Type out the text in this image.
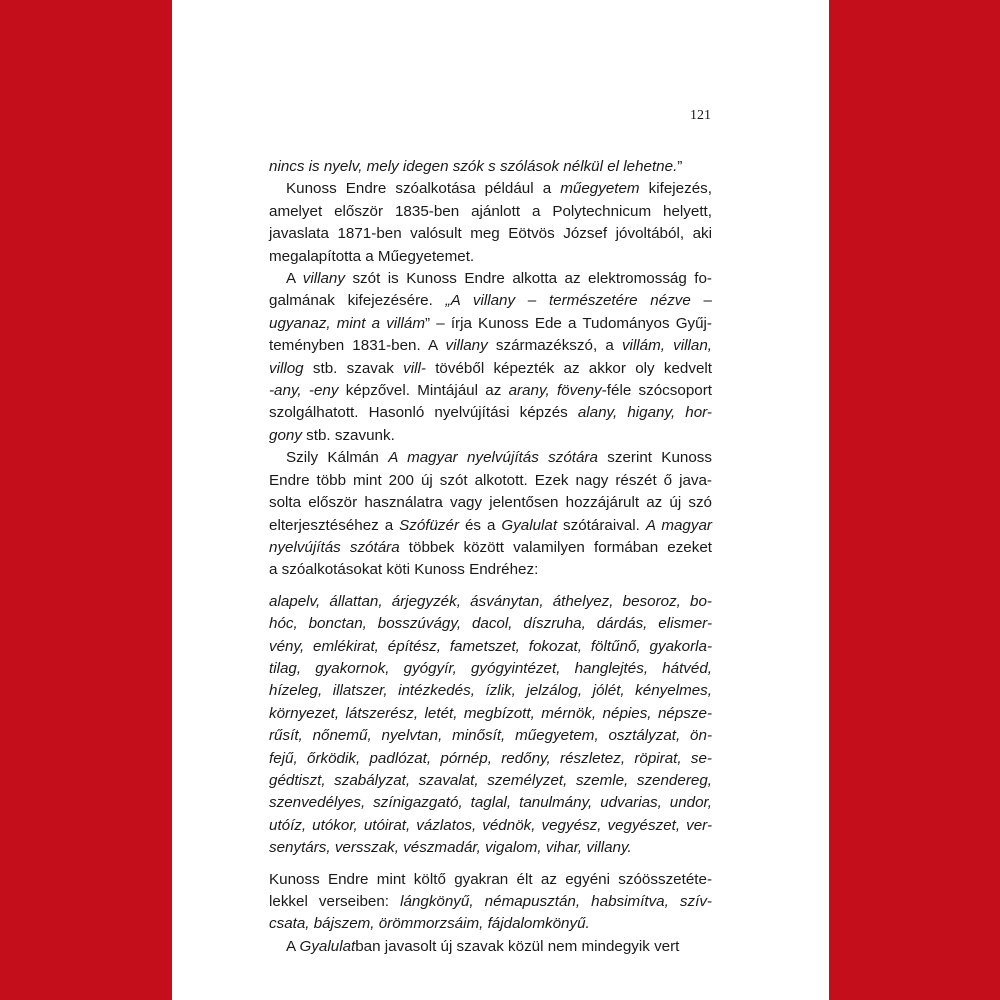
121
nincs is nyelv, mely idegen szók s szólások nélkül el lehetne.”
Kunoss Endre szóalkotása például a műegyetem kifejezés,
amelyet először 1835-ben ajánlott a Polytechnicum helyett,
javaslata 1871-ben valósult meg Eötvös József jóvoltából, aki
megalapította a Műegyetemet.
A villany szót is Kunoss Endre alkotta az elektromosság fo-
galmának kifejezésére. „A villany – természetére nézve –
ugyanaz, mint a villám” – írja Kunoss Ede a Tudományos Gyűj-
teményben 1831-ben. A villany származékszó, a villám, villan,
villog stb. szavak vill- tövéből képezték az akkor oly kedvelt
-any, -eny képzővel. Mintájául az arany, föveny-féle szócsoport
szolgálhatott. Hasonló nyelvújítási képzés alany, higany, hor-
gony stb. szavunk.
Szily Kálmán A magyar nyelvújítás szótára szerint Kunoss
Endre több mint 200 új szót alkotott. Ezek nagy részét ő java-
solta először használatra vagy jelentősen hozzájárult az új szó
elterjesztéséhez a Szófüzér és a Gyalulat szótáraival. A magyar
nyelvújítás szótára többek között valamilyen formában ezeket
a szóalkotásokat köti Kunoss Endréhez:
alapelv, állattan, árjegyzék, ásványtan, áthelyez, besoroz, bo-
hóc, bonctan, bosszúvágy, dacol, díszruha, dárdás, elismer-
vény, emlékirat, építész, fametszet, fokozat, föltűnő, gyakorla-
tilag, gyakornok, gyógyír, gyógyintézet, hanglejtés, hátvéd,
hízeleg, illatszer, intézkedés, ízlik, jelzálog, jólét, kényelmes,
környezet, látszerész, letét, megbízott, mérnök, népies, népsze-
rűsít, nőnemű, nyelvtan, minősít, műegyetem, osztályzat, ön-
fejű, őrködik, padlózat, pórnép, redőny, részletez, röpirat, se-
gédtiszt, szabályzat, szavalat, személyzet, szemle, szendereg,
szenvedélyes, színigazgató, taglal, tanulmány, udvarias, undor,
utóíz, utókor, utóirat, vázlatos, védnök, vegyész, vegyészet, ver-
senytárs, versszak, vészmadár, vigalom, vihar, villany.
Kunoss Endre mint költő gyakran élt az egyéni szóösszetéte-
lekkel verseiben: lángkönyű, némapusztán, habsimítva, szív-
csata, bájszem, örömmorzsáim, fájdalomkönyű.
A Gyalulatban javasolt új szavak közül nem mindegyik vert
